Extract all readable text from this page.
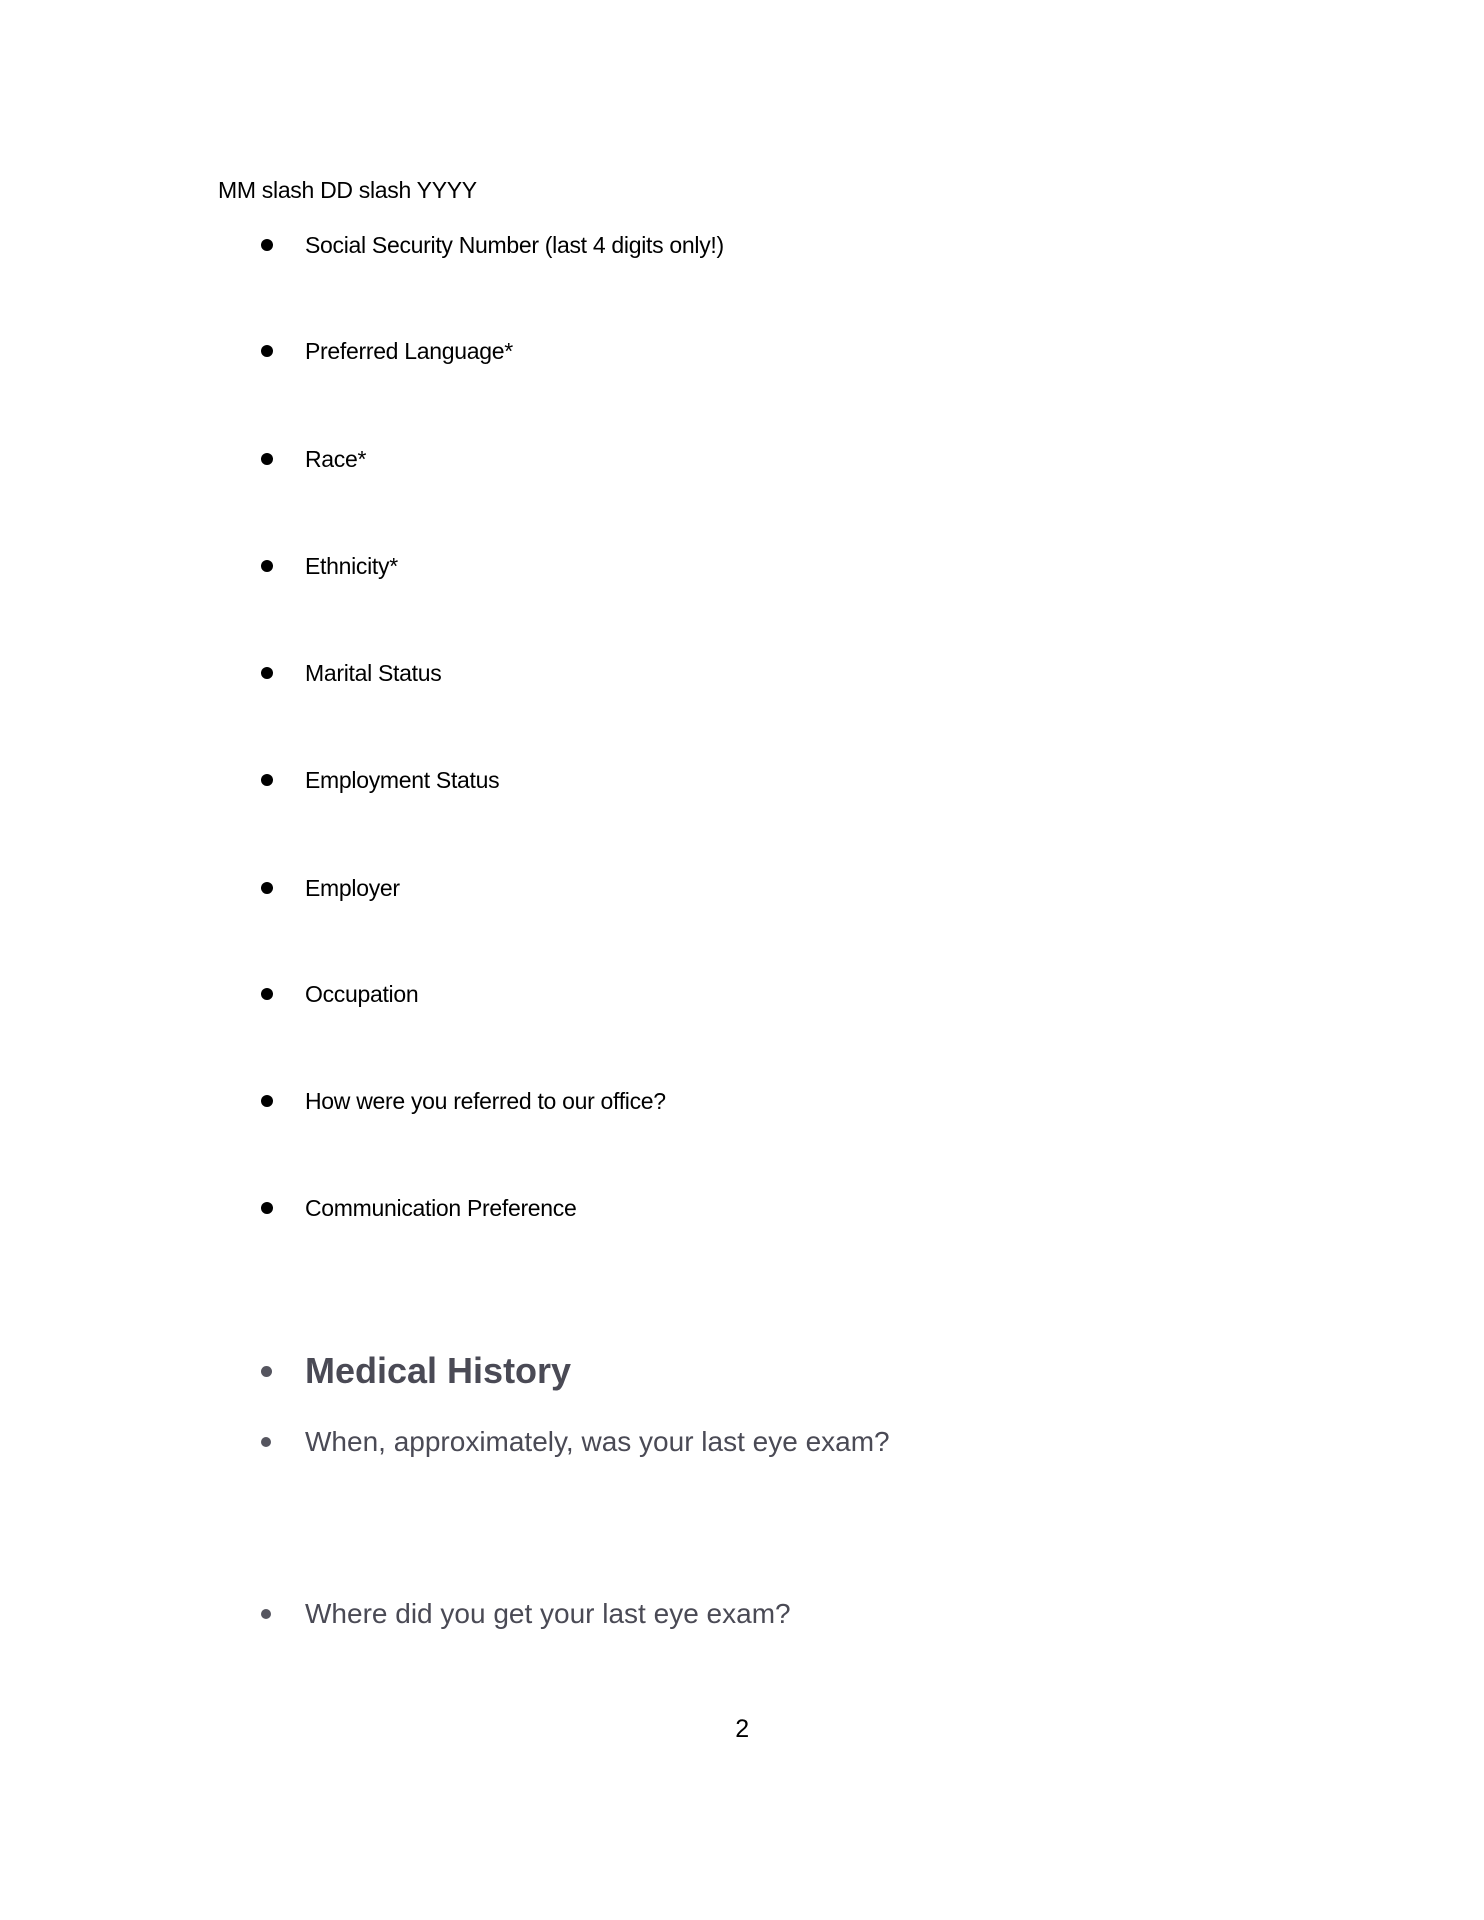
MM slash DD slash YYYY
Social Security Number (last 4 digits only!)
Preferred Language*
Race*
Ethnicity*
Marital Status
Employment Status
Employer
Occupation
How were you referred to our office?
Communication Preference
Medical History
When, approximately, was your last eye exam?
Where did you get your last eye exam?
2
